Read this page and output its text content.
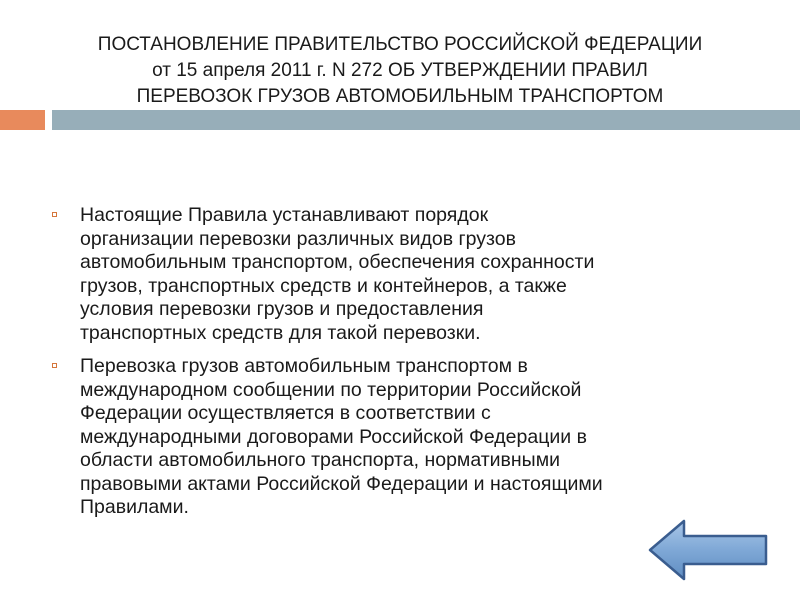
ПОСТАНОВЛЕНИЕ ПРАВИТЕЛЬСТВО РОССИЙСКОЙ ФЕДЕРАЦИИ
от 15 апреля 2011 г. N 272 ОБ УТВЕРЖДЕНИИ ПРАВИЛ
ПЕРЕВОЗОК ГРУЗОВ АВТОМОБИЛЬНЫМ ТРАНСПОРТОМ
Настоящие Правила устанавливают порядок
организации перевозки различных видов грузов
автомобильным транспортом, обеспечения сохранности
грузов, транспортных средств и контейнеров, а также
условия перевозки грузов и предоставления
транспортных средств для такой перевозки.
Перевозка грузов автомобильным транспортом в
международном сообщении по территории Российской
Федерации осуществляется в соответствии с
международными договорами Российской Федерации в
области автомобильного транспорта, нормативными
правовыми актами Российской Федерации и настоящими
Правилами.
